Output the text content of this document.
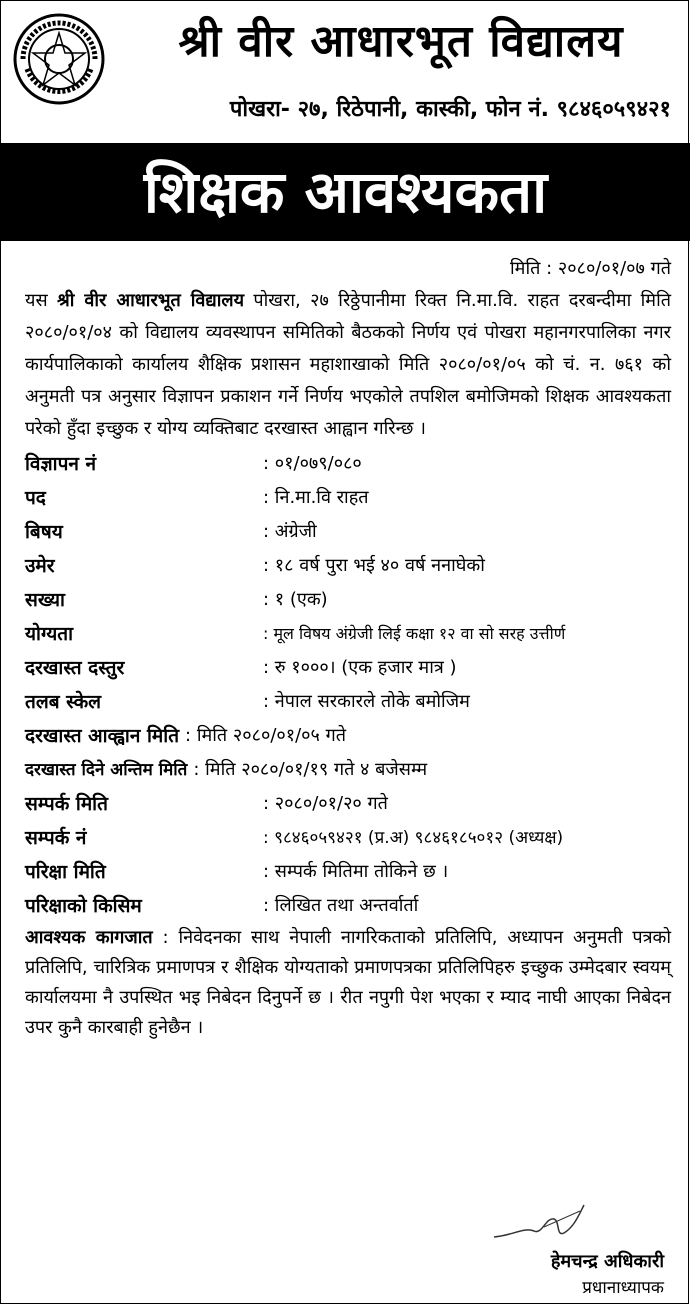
श्री वीर आधारभूत विद्यालय
पोखरा- २७, रिठेपानी, कास्की, फोन नं. ९८४६०५९४२१
शिक्षक आवश्यकता
मिति : २०८०/०१/०७ गते

यस श्री वीर आधारभूत विद्यालय पोखरा, २७ रिठ्ठेपानीमा रिक्त नि.मा.वि. राहत दरबन्दीमा मिति २०८०/०१/०४ को विद्यालय व्यवस्थापन समितिको बैठकको निर्णय एवं पोखरा महानगरपालिका नगर कार्यपालिकाको कार्यालय शैक्षिक प्रशासन महाशाखाको मिति २०८०/०१/०५ को चं. न. ७६१ को अनुमती पत्र अनुसार विज्ञापन प्रकाशन गर्ने निर्णय भएकोले तपशिल बमोजिमको शिक्षक आवश्यकता परेको हुँदा इच्छुक र योग्य व्यक्तिबाट दरखास्त आह्वान गरिन्छ ।

विज्ञापन नं	: ०१/०७९/०८०
पद	: नि.मा.वि राहत
बिषय	: अंग्रेजी
उमेर	: १८ वर्ष पुरा भई ४० वर्ष ननाघेको
सख्या	: १ (एक)
योग्यता	: मूल विषय अंग्रेजी लिई कक्षा १२ वा सो सरह उत्तीर्ण
दरखास्त दस्तुर	: रु १०००। (एक हजार मात्र )
तलब स्केल	: नेपाल सरकारले तोके बमोजिम
दरखास्त आव्ह्वान मिति : मिति २०८०/०१/०५ गते
दरखास्त दिने अन्तिम मिति : मिति २०८०/०१/१९ गते ४ बजेसम्म
सम्पर्क मिति	: २०८०/०१/२० गते
सम्पर्क नं	: ९८४६०५९४२१ (प्र.अ) ९८४६१८५०१२ (अध्यक्ष)
परिक्षा मिति	: सम्पर्क मितिमा तोकिने छ ।
परिक्षाको किसिम	: लिखित तथा अन्तर्वार्ता

आवश्यक कागजात : निवेदनका साथ नेपाली नागरिकताको प्रतिलिपि, अध्यापन अनुमती पत्रको प्रतिलिपि, चारित्रिक प्रमाणपत्र र शैक्षिक योग्यताको प्रमाणपत्रका प्रतिलिपिहरु इच्छुक उम्मेदबार स्वयम् कार्यालयमा नै उपस्थित भइ निबेदन दिनुपर्ने छ । रीत नपुगी पेश भएका र म्याद नाघी आएका निबेदन उपर कुनै कारबाही हुनेछैन ।

हेमचन्द्र अधिकारी
प्रधानाध्यापक
